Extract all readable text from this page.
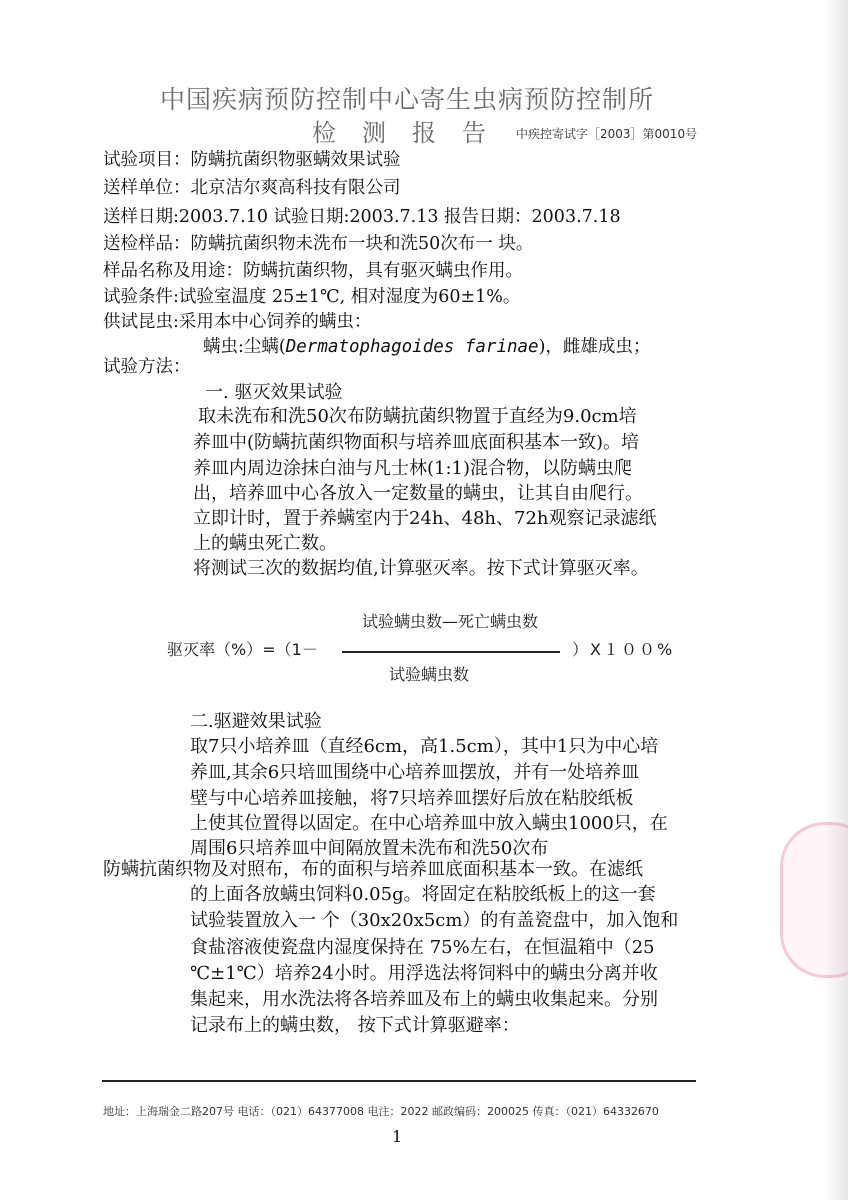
中国疾病预防控制中心寄生虫病预防控制所
检测报告 中疾控寄试字［2003］第0010号
试验项目：防螨抗菌织物驱螨效果试验
送样单位：北京洁尔爽高科技有限公司
送样日期:2003.7.10 试验日期:2003.7.13 报告日期：2003.7.18
送检样品：防螨抗菌织物未洗布一块和洗50次布一 块。
样品名称及用途：防螨抗菌织物，具有驱灭螨虫作用。
试验条件:试验室温度 25±1℃, 相对湿度为60±1%。
供试昆虫:采用本中心饲养的螨虫：
螨虫:尘螨(Dermatophagoides farinae)，雌雄成虫；
试验方法：
一. 驱灭效果试验
取未洗布和洗50次布防螨抗菌织物置于直经为9.0cm培
养皿中(防螨抗菌织物面积与培养皿底面积基本一致)。培
养皿内周边涂抹白油与凡士林(1:1)混合物，以防螨虫爬
出，培养皿中心各放入一定数量的螨虫，让其自由爬行。
立即计时，置于养螨室内于24h、48h、72h观察记录滤纸
上的螨虫死亡数。
将测试三次的数据均值,计算驱灭率。按下式计算驱灭率。
试验螨虫数—死亡螨虫数
驱灭率（%）=（1－	）X１００%
试验螨虫数
二.驱避效果试验
取7只小培养皿（直经6cm，高1.5cm），其中1只为中心培
养皿,其余6只培皿围绕中心培养皿摆放，并有一处培养皿
壁与中心培养皿接触，将7只培养皿摆好后放在粘胶纸板
上使其位置得以固定。在中心培养皿中放入螨虫1000只，在
周围6只培养皿中间隔放置未洗布和洗50次布
防螨抗菌织物及对照布，布的面积与培养皿底面积基本一致。在滤纸
的上面各放螨虫饲料0.05g。将固定在粘胶纸板上的这一套
试验装置放入一 个（30x20x5cm）的有盖瓷盘中，加入饱和
食盐溶液使瓷盘内湿度保持在 75%左右，在恒温箱中（25
℃±1℃）培养24小时。用浮选法将饲料中的螨虫分离并收
集起来，用水洗法将各培养皿及布上的螨虫收集起来。分别
记录布上的螨虫数， 按下式计算驱避率：
地址：上海瑞金二路207号 电话：（021）64377008 电注：2022 邮政编码：200025 传真：（021）64332670
1
